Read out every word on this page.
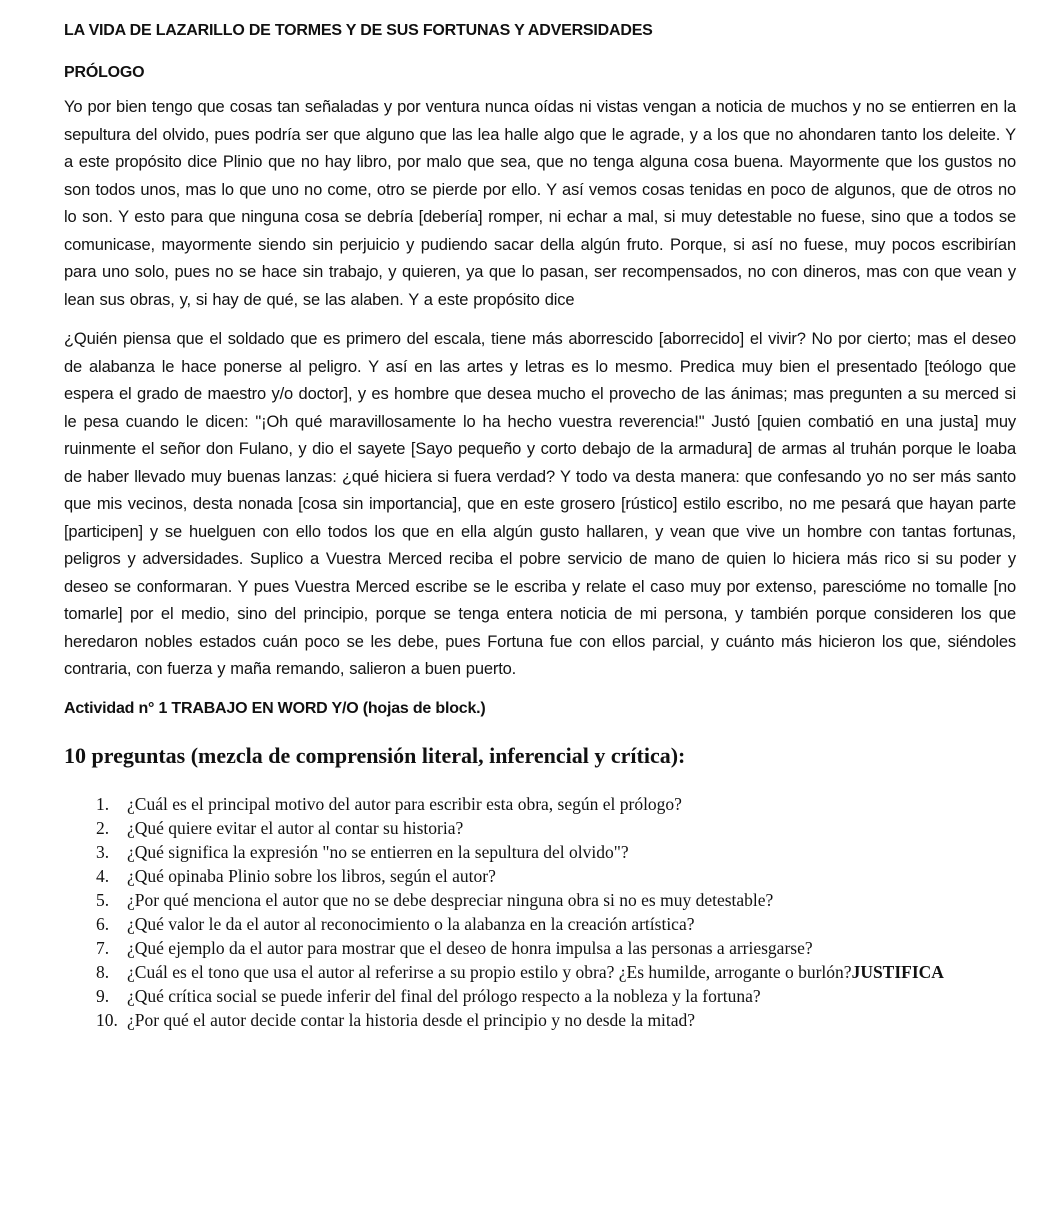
LA VIDA DE LAZARILLO DE TORMES Y DE SUS FORTUNAS Y ADVERSIDADES
PRÓLOGO

Yo por bien tengo que cosas tan señaladas y por ventura nunca oídas ni vistas vengan a noticia de muchos y no se entierren en la sepultura del olvido, pues podría ser que alguno que las lea halle algo que le agrade, y a los que no ahondaren tanto los deleite. Y a este propósito dice Plinio que no hay libro, por malo que sea, que no tenga alguna cosa buena. Mayormente que los gustos no son todos unos, mas lo que uno no come, otro se pierde por ello. Y así vemos cosas tenidas en poco de algunos, que de otros no lo son. Y esto para que ninguna cosa se debría [debería] romper, ni echar a mal, si muy detestable no fuese, sino que a todos se comunicase, mayormente siendo sin perjuicio y pudiendo sacar della algún fruto. Porque, si así no fuese, muy pocos escribirían para uno solo, pues no se hace sin trabajo, y quieren, ya que lo pasan, ser recompensados, no con dineros, mas con que vean y lean sus obras, y, si hay de qué, se las alaben. Y a este propósito dice

¿Quién piensa que el soldado que es primero del escala, tiene más aborrescido [aborrecido] el vivir? No por cierto; mas el deseo de alabanza le hace ponerse al peligro. Y así en las artes y letras es lo mesmo. Predica muy bien el presentado [teólogo que espera el grado de maestro y/o doctor], y es hombre que desea mucho el provecho de las ánimas; mas pregunten a su merced si le pesa cuando le dicen: "¡Oh qué maravillosamente lo ha hecho vuestra reverencia!" Justó [quien combatió en una justa] muy ruinmente el señor don Fulano, y dio el sayete [Sayo pequeño y corto debajo de la armadura] de armas al truhán porque le loaba de haber llevado muy buenas lanzas: ¿qué hiciera si fuera verdad? Y todo va desta manera: que confesando yo no ser más santo que mis vecinos, desta nonada [cosa sin importancia], que en este grosero [rústico] estilo escribo, no me pesará que hayan parte [participen] y se huelguen con ello todos los que en ella algún gusto hallaren, y vean que vive un hombre con tantas fortunas, peligros y adversidades. Suplico a Vuestra Merced reciba el pobre servicio de mano de quien lo hiciera más rico si su poder y deseo se conformaran. Y pues Vuestra Merced escribe se le escriba y relate el caso muy por extenso, parescióme no tomalle [no tomarle] por el medio, sino del principio, porque se tenga entera noticia de mi persona, y también porque consideren los que heredaron nobles estados cuán poco se les debe, pues Fortuna fue con ellos parcial, y cuánto más hicieron los que, siéndoles contraria, con fuerza y maña remando, salieron a buen puerto.

Actividad n° 1 TRABAJO EN WORD Y/O (hojas de block.)

10 preguntas (mezcla de comprensión literal, inferencial y crítica):
1.	¿Cuál es el principal motivo del autor para escribir esta obra, según el prólogo?
2.	¿Qué quiere evitar el autor al contar su historia?
3.	¿Qué significa la expresión "no se entierren en la sepultura del olvido"?
4.	¿Qué opinaba Plinio sobre los libros, según el autor?
5.	¿Por qué menciona el autor que no se debe despreciar ninguna obra si no es muy detestable?
6.	¿Qué valor le da el autor al reconocimiento o la alabanza en la creación artística?
7.	¿Qué ejemplo da el autor para mostrar que el deseo de honra impulsa a las personas a arriesgarse?
8.	¿Cuál es el tono que usa el autor al referirse a su propio estilo y obra? ¿Es humilde, arrogante o burlón?JUSTIFICA
9.	¿Qué crítica social se puede inferir del final del prólogo respecto a la nobleza y la fortuna?
10. ¿Por qué el autor decide contar la historia desde el principio y no desde la mitad?
